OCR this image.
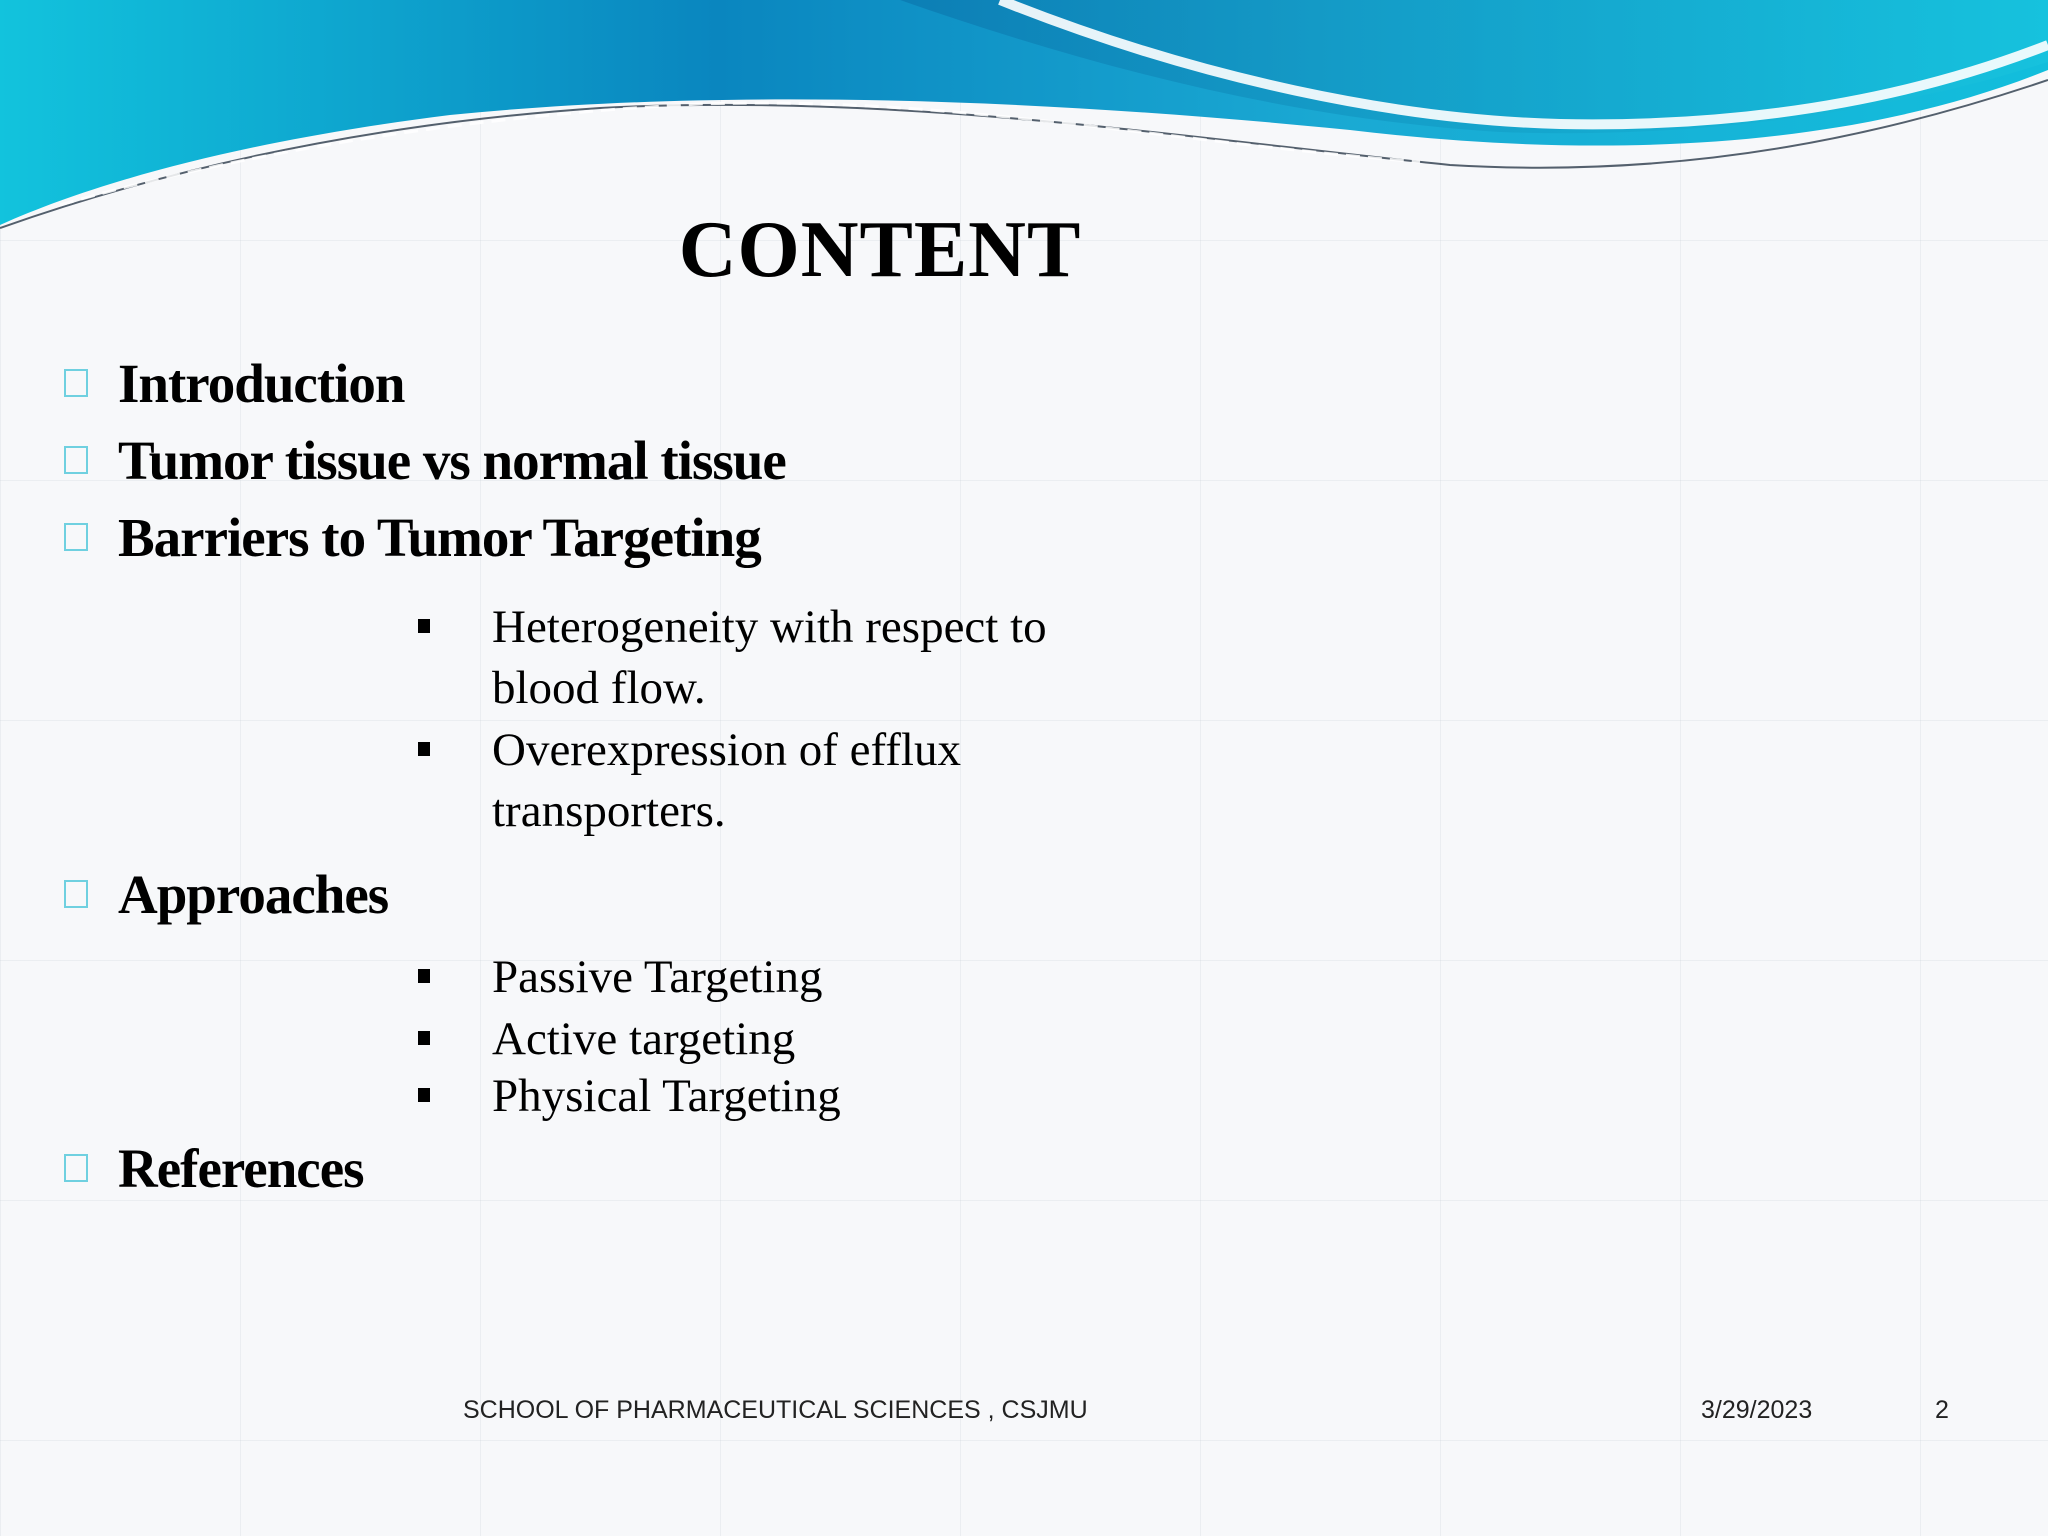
CONTENT
Introduction
Tumor tissue vs normal tissue
Barriers to Tumor Targeting
Heterogeneity with respect to blood flow.
Overexpression of efflux transporters.
Approaches
Passive Targeting
Active targeting
Physical Targeting
References
SCHOOL OF PHARMACEUTICAL SCIENCES , CSJMU	3/29/2023	2
